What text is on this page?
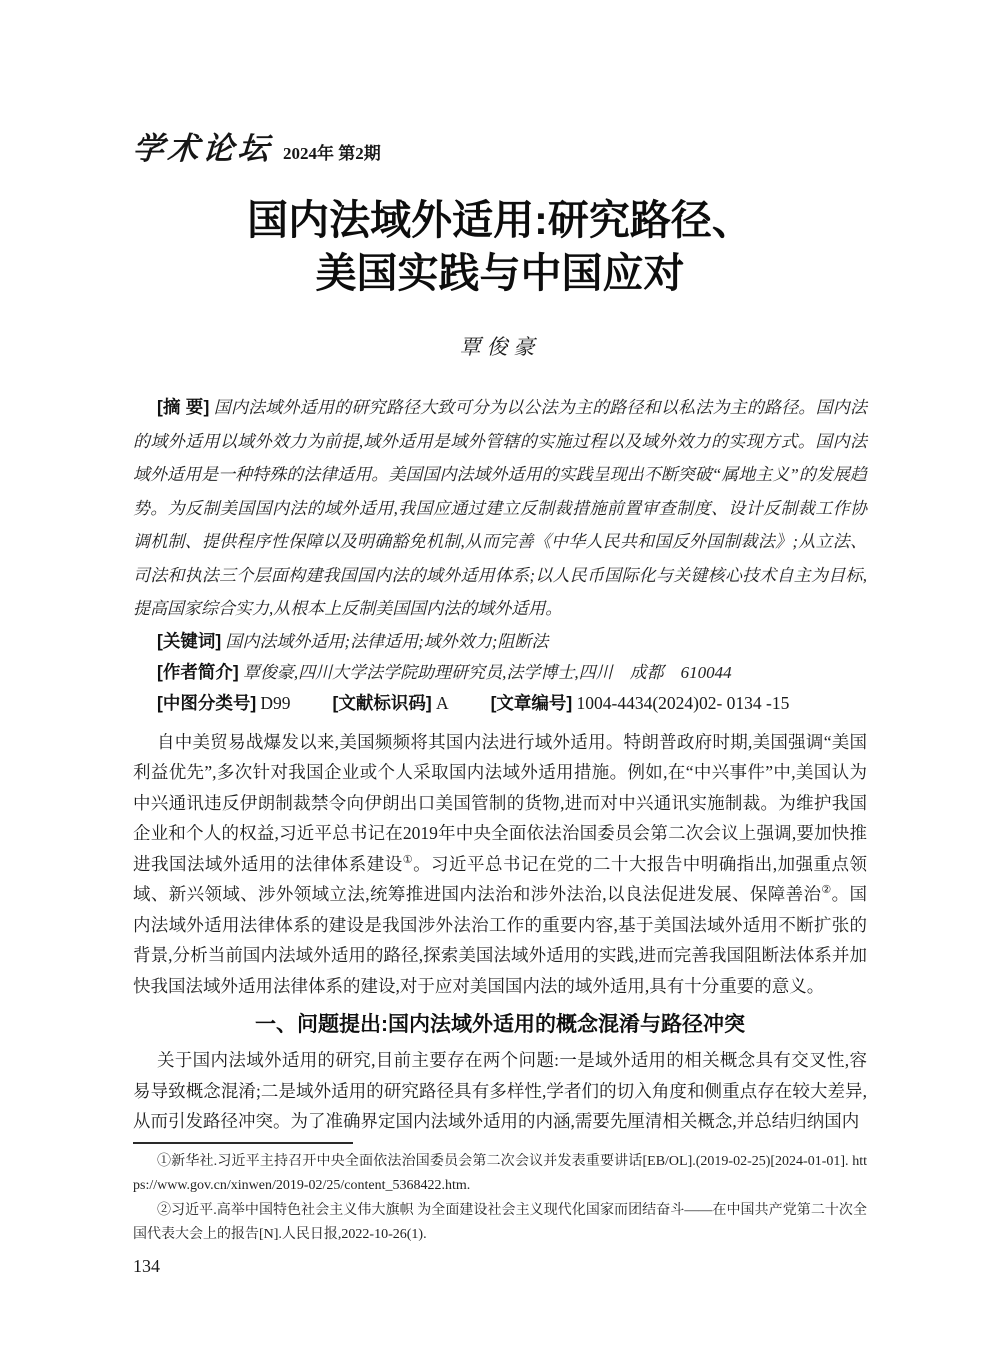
学术论坛 2024年 第2期
国内法域外适用:研究路径、
美国实践与中国应对
覃俊豪

[摘 要] 国内法域外适用的研究路径大致可分为以公法为主的路径和以私法为主的路径。国内法的域外适用以域外效力为前提,域外适用是域外管辖的实施过程以及域外效力的实现方式。国内法域外适用是一种特殊的法律适用。美国国内法域外适用的实践呈现出不断突破“属地主义”的发展趋势。为反制美国国内法的域外适用,我国应通过建立反制裁措施前置审查制度、设计反制裁工作协调机制、提供程序性保障以及明确豁免机制,从而完善《中华人民共和国反外国制裁法》;从立法、司法和执法三个层面构建我国国内法的域外适用体系;以人民币国际化与关键核心技术自主为目标,提高国家综合实力,从根本上反制美国国内法的域外适用。

[关键词] 国内法域外适用;法律适用;域外效力;阻断法

[作者简介] 覃俊豪,四川大学法学院助理研究员,法学博士,四川　成都　610044

[中图分类号] D99 [文献标识码] A [文章编号] 1004-4434(2024)02- 0134 -15

自中美贸易战爆发以来,美国频频将其国内法进行域外适用。特朗普政府时期,美国强调“美国利益优先”,多次针对我国企业或个人采取国内法域外适用措施。例如,在“中兴事件”中,美国认为中兴通讯违反伊朗制裁禁令向伊朗出口美国管制的货物,进而对中兴通讯实施制裁。为维护我国企业和个人的权益,习近平总书记在2019年中央全面依法治国委员会第二次会议上强调,要加快推进我国法域外适用的法律体系建设①。习近平总书记在党的二十大报告中明确指出,加强重点领域、新兴领域、涉外领域立法,统筹推进国内法治和涉外法治,以良法促进发展、保障善治②。国内法域外适用法律体系的建设是我国涉外法治工作的重要内容,基于美国法域外适用不断扩张的背景,分析当前国内法域外适用的路径,探索美国法域外适用的实践,进而完善我国阻断法体系并加快我国法域外适用法律体系的建设,对于应对美国国内法的域外适用,具有十分重要的意义。

一、问题提出:国内法域外适用的概念混淆与路径冲突

关于国内法域外适用的研究,目前主要存在两个问题:一是域外适用的相关概念具有交叉性,容易导致概念混淆;二是域外适用的研究路径具有多样性,学者们的切入角度和侧重点存在较大差异,从而引发路径冲突。为了准确界定国内法域外适用的内涵,需要先厘清相关概念,并总结归纳国内

①新华社.习近平主持召开中央全面依法治国委员会第二次会议并发表重要讲话[EB/OL].(2019-02-25)[2024-01-01]. https://www.gov.cn/xinwen/2019-02/25/content_5368422.htm.

②习近平.高举中国特色社会主义伟大旗帜 为全面建设社会主义现代化国家而团结奋斗——在中国共产党第二十次全国代表大会上的报告[N].人民日报,2022-10-26(1).

134
